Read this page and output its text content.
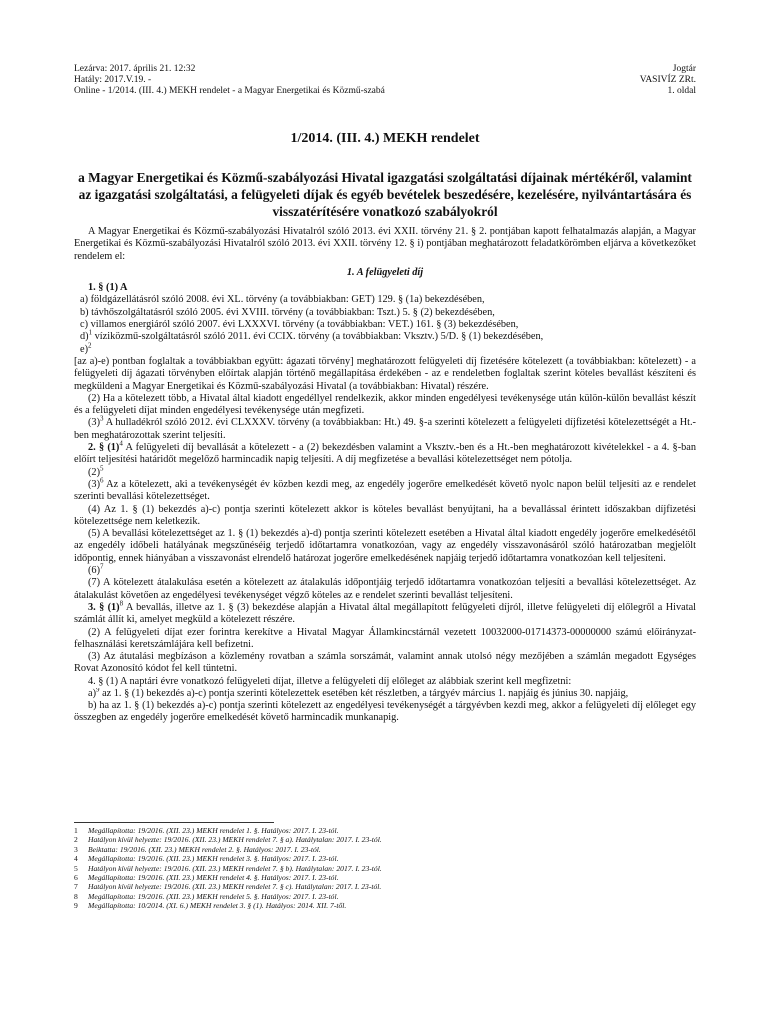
Lezárva: 2017. április 21. 12:32
Hatály: 2017.V.19. -
Online - 1/2014. (III. 4.) MEKH rendelet - a Magyar Energetikai és Közmű-szabá
Jogtár
VASIVÍZ ZRt.
1. oldal
1/2014. (III. 4.) MEKH rendelet
a Magyar Energetikai és Közmű-szabályozási Hivatal igazgatási szolgáltatási díjainak mértékéről, valamint az igazgatási szolgáltatási, a felügyeleti díjak és egyéb bevételek beszedésére, kezelésére, nyilvántartására és visszatérítésére vonatkozó szabályokról

A Magyar Energetikai és Közmű-szabályozási Hivatalról szóló 2013. évi XXII. törvény 21. § 2. pontjában kapott felhatalmazás alapján, a Magyar Energetikai és Közmű-szabályozási Hivatalról szóló 2013. évi XXII. törvény 12. § i) pontjában meghatározott feladatkörömben eljárva a következőket rendelem el:

1. A felügyeleti díj

1. § (1) A

a) földgázellátásról szóló 2008. évi XL. törvény (a továbbiakban: GET) 129. § (1a) bekezdésében,

b) távhőszolgáltatásról szóló 2005. évi XVIII. törvény (a továbbiakban: Tszt.) 5. § (2) bekezdésében,

c) villamos energiáról szóló 2007. évi LXXXVI. törvény (a továbbiakban: VET.) 161. § (3) bekezdésében,

d)$^1$ víziközmű-szolgáltatásról szóló 2011. évi CCIX. törvény (a továbbiakban: Vksztv.) 5/D. § (1) bekezdésében,

e)$^2$

[az a)-e) pontban foglaltak a továbbiakban együtt: ágazati törvény] meghatározott felügyeleti díj fizetésére kötelezett (a továbbiakban: kötelezett) - a felügyeleti díj ágazati törvényben előírtak alapján történő megállapítása érdekében - az e rendeletben foglaltak szerint köteles bevallást készíteni és megküldeni a Magyar Energetikai és Közmű-szabályozási Hivatal (a továbbiakban: Hivatal) részére.

(2) Ha a kötelezett több, a Hivatal által kiadott engedéllyel rendelkezik, akkor minden engedélyesi tevékenysége után külön-külön bevallást készít és a felügyeleti díjat minden engedélyesi tevékenysége után megfizeti.

$(3)^3$ A hulladékról szóló 2012. évi CLXXXV. törvény (a továbbiakban: Ht.) 49. §-a szerinti kötelezett a felügyeleti díjfizetési kötelezettségét a Ht.-ben meghatározottak szerint teljesíti.

2. § $(1)^4$ A felügyeleti díj bevallását a kötelezett - a (2) bekezdésben valamint a Vksztv.-ben és a Ht.-ben meghatározott kivételekkel - a 4. §-ban előírt teljesítési határidőt megelőző harmincadik napig teljesíti. A díj megfizetése a bevallási kötelezettséget nem pótolja.

$(2)^5$

$(3)^6$ Az a kötelezett, aki a tevékenységét év közben kezdi meg, az engedély jogerőre emelkedését követő nyolc napon belül teljesíti az e rendelet szerinti bevallási kötelezettséget.

(4) Az 1. § (1) bekezdés a)-c) pontja szerinti kötelezett akkor is köteles bevallást benyújtani, ha a bevallással érintett időszakban díjfizetési kötelezettsége nem keletkezik.

(5) A bevallási kötelezettséget az 1. § (1) bekezdés a)-d) pontja szerinti kötelezett esetében a Hivatal által kiadott engedély jogerőre emelkedésétől az engedély időbeli hatályának megszűnéséig terjedő időtartamra vonatkozóan, vagy az engedély visszavonásáról szóló határozatban megjelölt időpontig, ennek hiányában a visszavonást elrendelő határozat jogerőre emelkedésének napjáig terjedő időtartamra vonatkozóan kell teljesíteni.

$(6)^7$

(7) A kötelezett átalakulása esetén a kötelezett az átalakulás időpontjáig terjedő időtartamra vonatkozóan teljesíti a bevallási kötelezettséget. Az átalakulást követően az engedélyesi tevékenységet végző köteles az e rendelet szerinti bevallást teljesíteni.

3. § $(1)^8$ A bevallás, illetve az 1. § (3) bekezdése alapján a Hivatal által megállapított felügyeleti díjról, illetve felügyeleti díj előlegről a Hivatal számlát állít ki, amelyet megküld a kötelezett részére.

(2) A felügyeleti díjat ezer forintra kerekítve a Hivatal Magyar Államkincstárnál vezetett 10032000-01714373-00000000 számú előirányzat-felhasználási keretszámlájára kell befizetni.

(3) Az átutalási megbízáson a közlemény rovatban a számla sorszámát, valamint annak utolsó négy mezőjében a számlán megadott Egységes Rovat Azonosító kódot fel kell tüntetni.

4. § (1) A naptári évre vonatkozó felügyeleti díjat, illetve a felügyeleti díj előleget az alábbiak szerint kell megfizetni:

a)$^9$ az 1. § (1) bekezdés a)-c) pontja szerinti kötelezettek esetében két részletben, a tárgyév március 1. napjáig és június 30. napjáig,

b) ha az 1. § (1) bekezdés a)-c) pontja szerinti kötelezett az engedélyesi tevékenységét a tárgyévben kezdi meg, akkor a felügyeleti díj előleget egy összegben az engedély jogerőre emelkedését követő harmincadik munkanapig.

1	Megállapította: 19/2016. (XII. 23.) MEKH rendelet 1. §. Hatályos: 2017. I. 23-tól.
2	Hatályon kívül helyezte: 19/2016. (XII. 23.) MEKH rendelet 7. § a). Hatálytalan: 2017. I. 23-tól.
3	Beiktatta: 19/2016. (XII. 23.) MEKH rendelet 2. §. Hatályos: 2017. I. 23-tól.
4	Megállapította: 19/2016. (XII. 23.) MEKH rendelet 3. §. Hatályos: 2017. I. 23-tól.
5	Hatályon kívül helyezte: 19/2016. (XII. 23.) MEKH rendelet 7. § b). Hatálytalan: 2017. I. 23-tól.
6	Megállapította: 19/2016. (XII. 23.) MEKH rendelet 4. §. Hatályos: 2017. I. 23-tól.
7	Hatályon kívül helyezte: 19/2016. (XII. 23.) MEKH rendelet 7. § c). Hatálytalan: 2017. I. 23-tól.
8	Megállapította: 19/2016. (XII. 23.) MEKH rendelet 5. §. Hatályos: 2017. I. 23-tól.
9	Megállapította: 10/2014. (XI. 6.) MEKH rendelet 3. § (1). Hatályos: 2014. XII. 7-től.
